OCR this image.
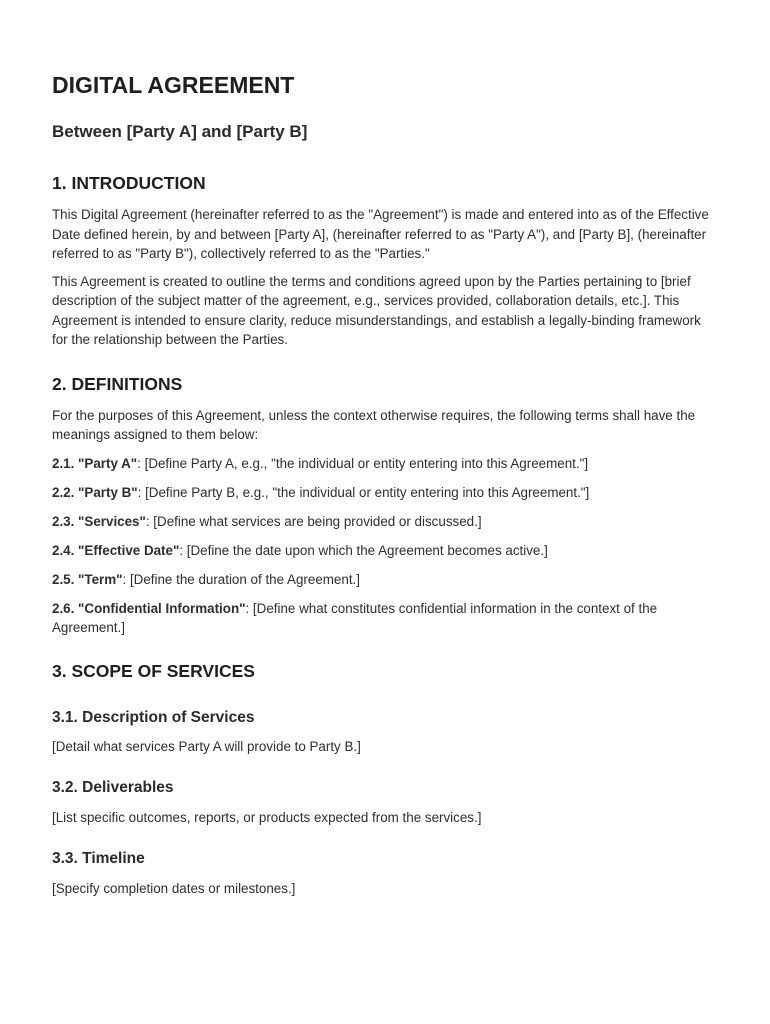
DIGITAL AGREEMENT
Between [Party A] and [Party B]
1. INTRODUCTION

This Digital Agreement (hereinafter referred to as the "Agreement") is made and entered into as of the Effective Date defined herein, by and between [Party A], (hereinafter referred to as "Party A"), and [Party B], (hereinafter referred to as "Party B"), collectively referred to as the "Parties."

This Agreement is created to outline the terms and conditions agreed upon by the Parties pertaining to [brief description of the subject matter of the agreement, e.g., services provided, collaboration details, etc.]. This Agreement is intended to ensure clarity, reduce misunderstandings, and establish a legally-binding framework for the relationship between the Parties.

2. DEFINITIONS

For the purposes of this Agreement, unless the context otherwise requires, the following terms shall have the meanings assigned to them below:

2.1. "Party A": [Define Party A, e.g., "the individual or entity entering into this Agreement."]

2.2. "Party B": [Define Party B, e.g., "the individual or entity entering into this Agreement."]

2.3. "Services": [Define what services are being provided or discussed.]

2.4. "Effective Date": [Define the date upon which the Agreement becomes active.]

2.5. "Term": [Define the duration of the Agreement.]

2.6. "Confidential Information": [Define what constitutes confidential information in the context of the Agreement.]

3. SCOPE OF SERVICES
3.1. Description of Services

[Detail what services Party A will provide to Party B.]

3.2. Deliverables

[List specific outcomes, reports, or products expected from the services.]

3.3. Timeline

[Specify completion dates or milestones.]
